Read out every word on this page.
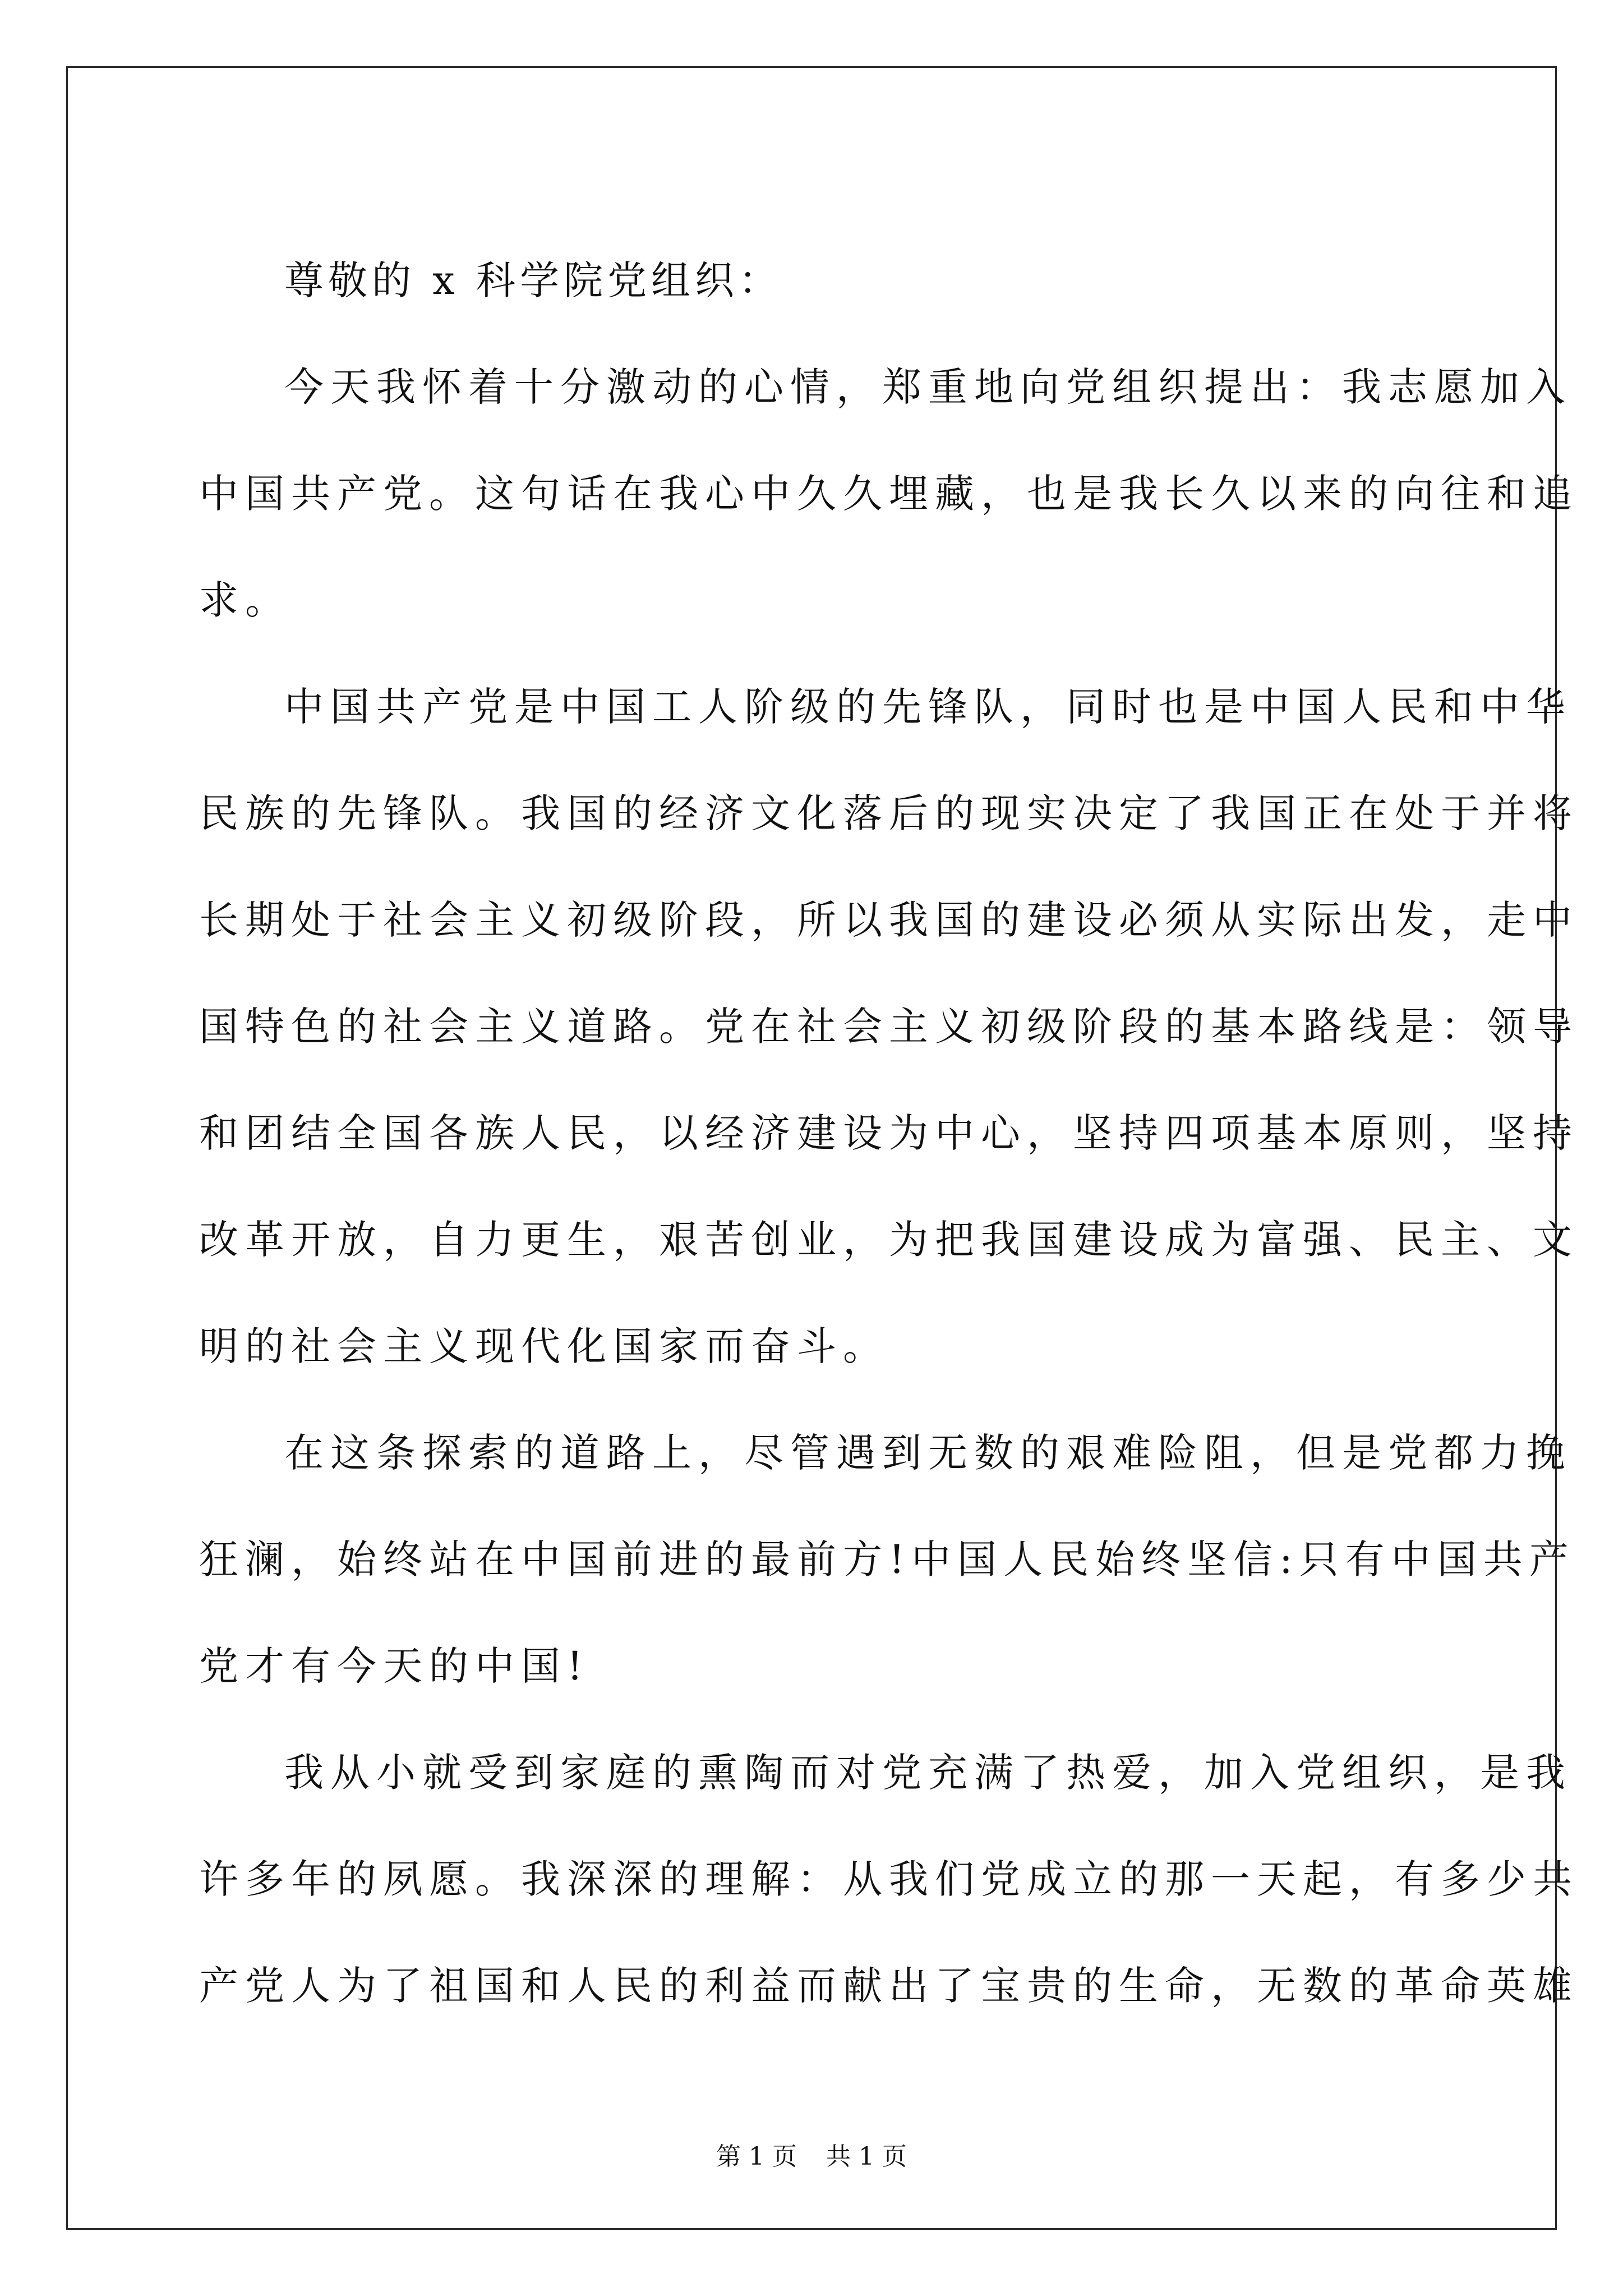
尊敬的 x 科学院党组织：
今天我怀着十分激动的心情，郑重地向党组织提出：我志愿加入
中国共产党。这句话在我心中久久埋藏，也是我长久以来的向往和追
求。
中国共产党是中国工人阶级的先锋队，同时也是中国人民和中华
民族的先锋队。我国的经济文化落后的现实决定了我国正在处于并将
长期处于社会主义初级阶段，所以我国的建设必须从实际出发，走中
国特色的社会主义道路。党在社会主义初级阶段的基本路线是：领导
和团结全国各族人民，以经济建设为中心，坚持四项基本原则，坚持
改革开放，自力更生，艰苦创业，为把我国建设成为富强、民主、文
明的社会主义现代化国家而奋斗。
在这条探索的道路上，尽管遇到无数的艰难险阻，但是党都力挽
狂澜，始终站在中国前进的最前方!中国人民始终坚信:只有中国共产
党才有今天的中国!
我从小就受到家庭的熏陶而对党充满了热爱，加入党组织，是我
许多年的夙愿。我深深的理解：从我们党成立的那一天起，有多少共
产党人为了祖国和人民的利益而献出了宝贵的生命，无数的革命英雄
第 1 页 共 1 页
